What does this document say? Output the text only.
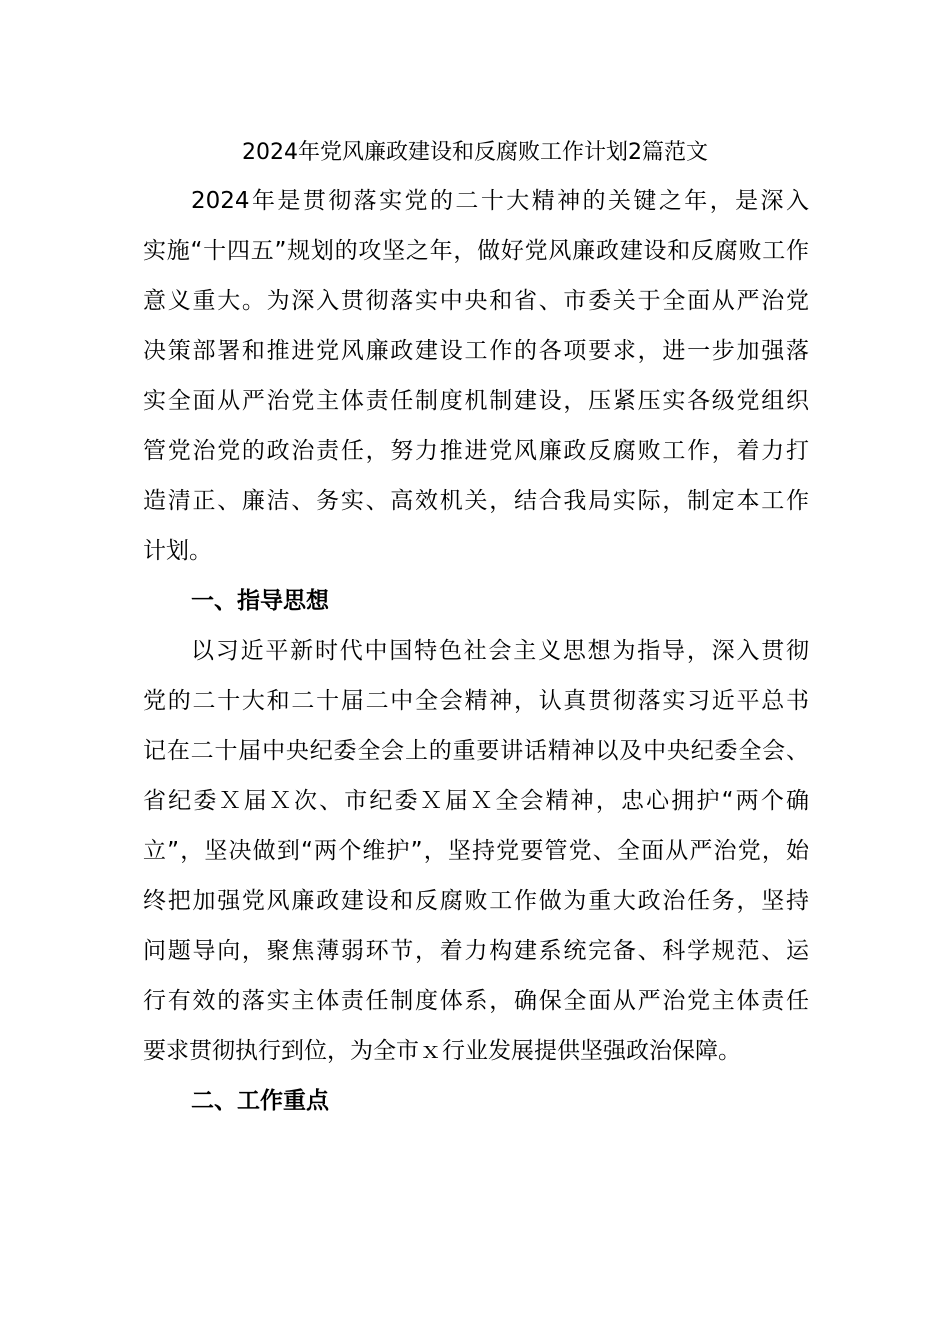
2024年党风廉政建设和反腐败工作计划2篇范文
2024年是贯彻落实党的二十大精神的关键之年，是深入
实施“十四五”规划的攻坚之年，做好党风廉政建设和反腐败工作
意义重大。为深入贯彻落实中央和省、市委关于全面从严治党
决策部署和推进党风廉政建设工作的各项要求，进一步加强落
实全面从严治党主体责任制度机制建设，压紧压实各级党组织
管党治党的政治责任，努力推进党风廉政反腐败工作，着力打
造清正、廉洁、务实、高效机关，结合我局实际，制定本工作
计划。
一、指导思想
以习近平新时代中国特色社会主义思想为指导，深入贯彻
党的二十大和二十届二中全会精神，认真贯彻落实习近平总书
记在二十届中央纪委全会上的重要讲话精神以及中央纪委全会、
省纪委Ｘ届Ｘ次、市纪委Ｘ届Ｘ全会精神，忠心拥护“两个确
立”，坚决做到“两个维护”，坚持党要管党、全面从严治党，始
终把加强党风廉政建设和反腐败工作做为重大政治任务，坚持
问题导向，聚焦薄弱环节，着力构建系统完备、科学规范、运
行有效的落实主体责任制度体系，确保全面从严治党主体责任
要求贯彻执行到位，为全市ｘ行业发展提供坚强政治保障。
二、工作重点
